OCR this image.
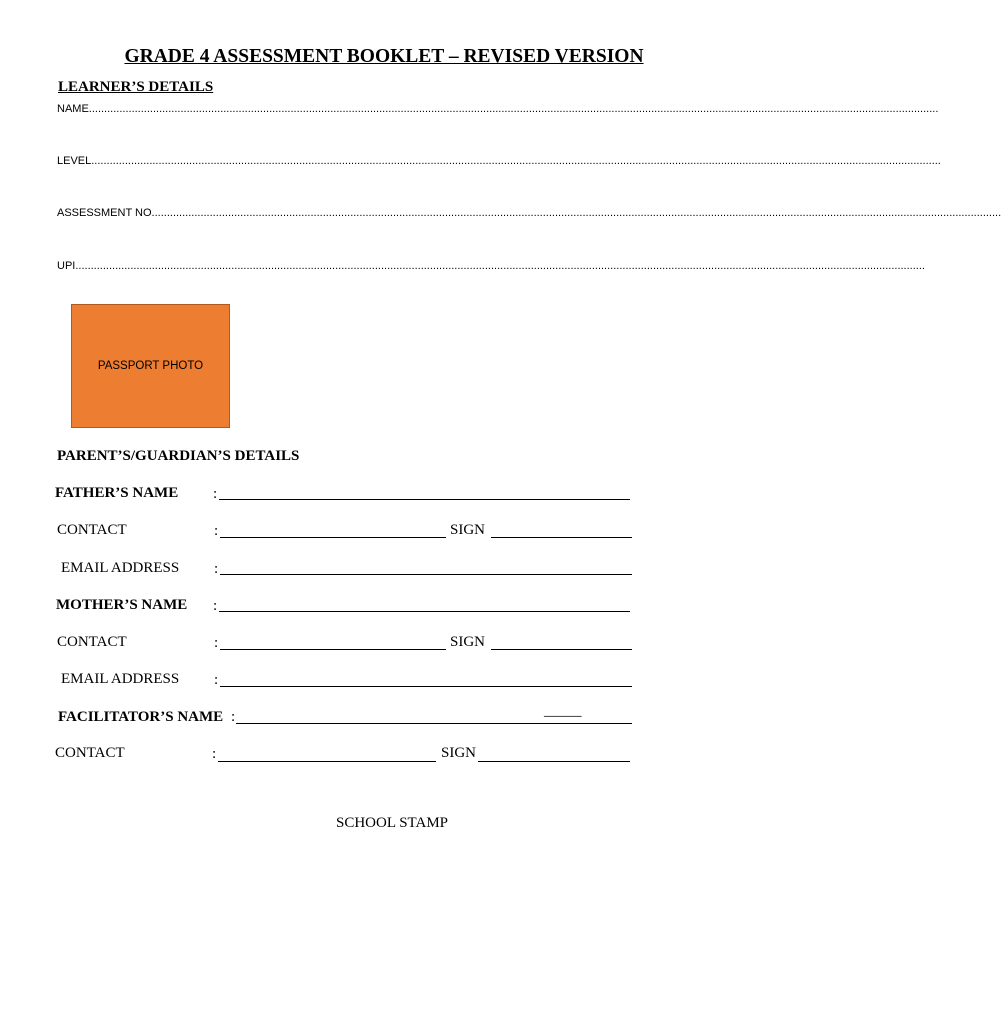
GRADE 4 ASSESSMENT BOOKLET – REVISED VERSION
LEARNER’S DETAILS
NAME......................................................................................................................................................................................................................................................................................
LEVEL......................................................................................................................................................................................................................................................................................
ASSESSMENT NO......................................................................................................................................................................................................................................................................................
UPI......................................................................................................................................................................................................................................................................................
PASSPORT PHOTO
PARENT’S/GUARDIAN’S DETAILS
FATHER’S NAME :
CONTACT	:	SIGN
EMAIL ADDRESS :
MOTHER’S NAME :
CONTACT	:	SIGN
EMAIL ADDRESS :
FACILITATOR’S NAME :	_____
CONTACT	:	SIGN
SCHOOL STAMP
